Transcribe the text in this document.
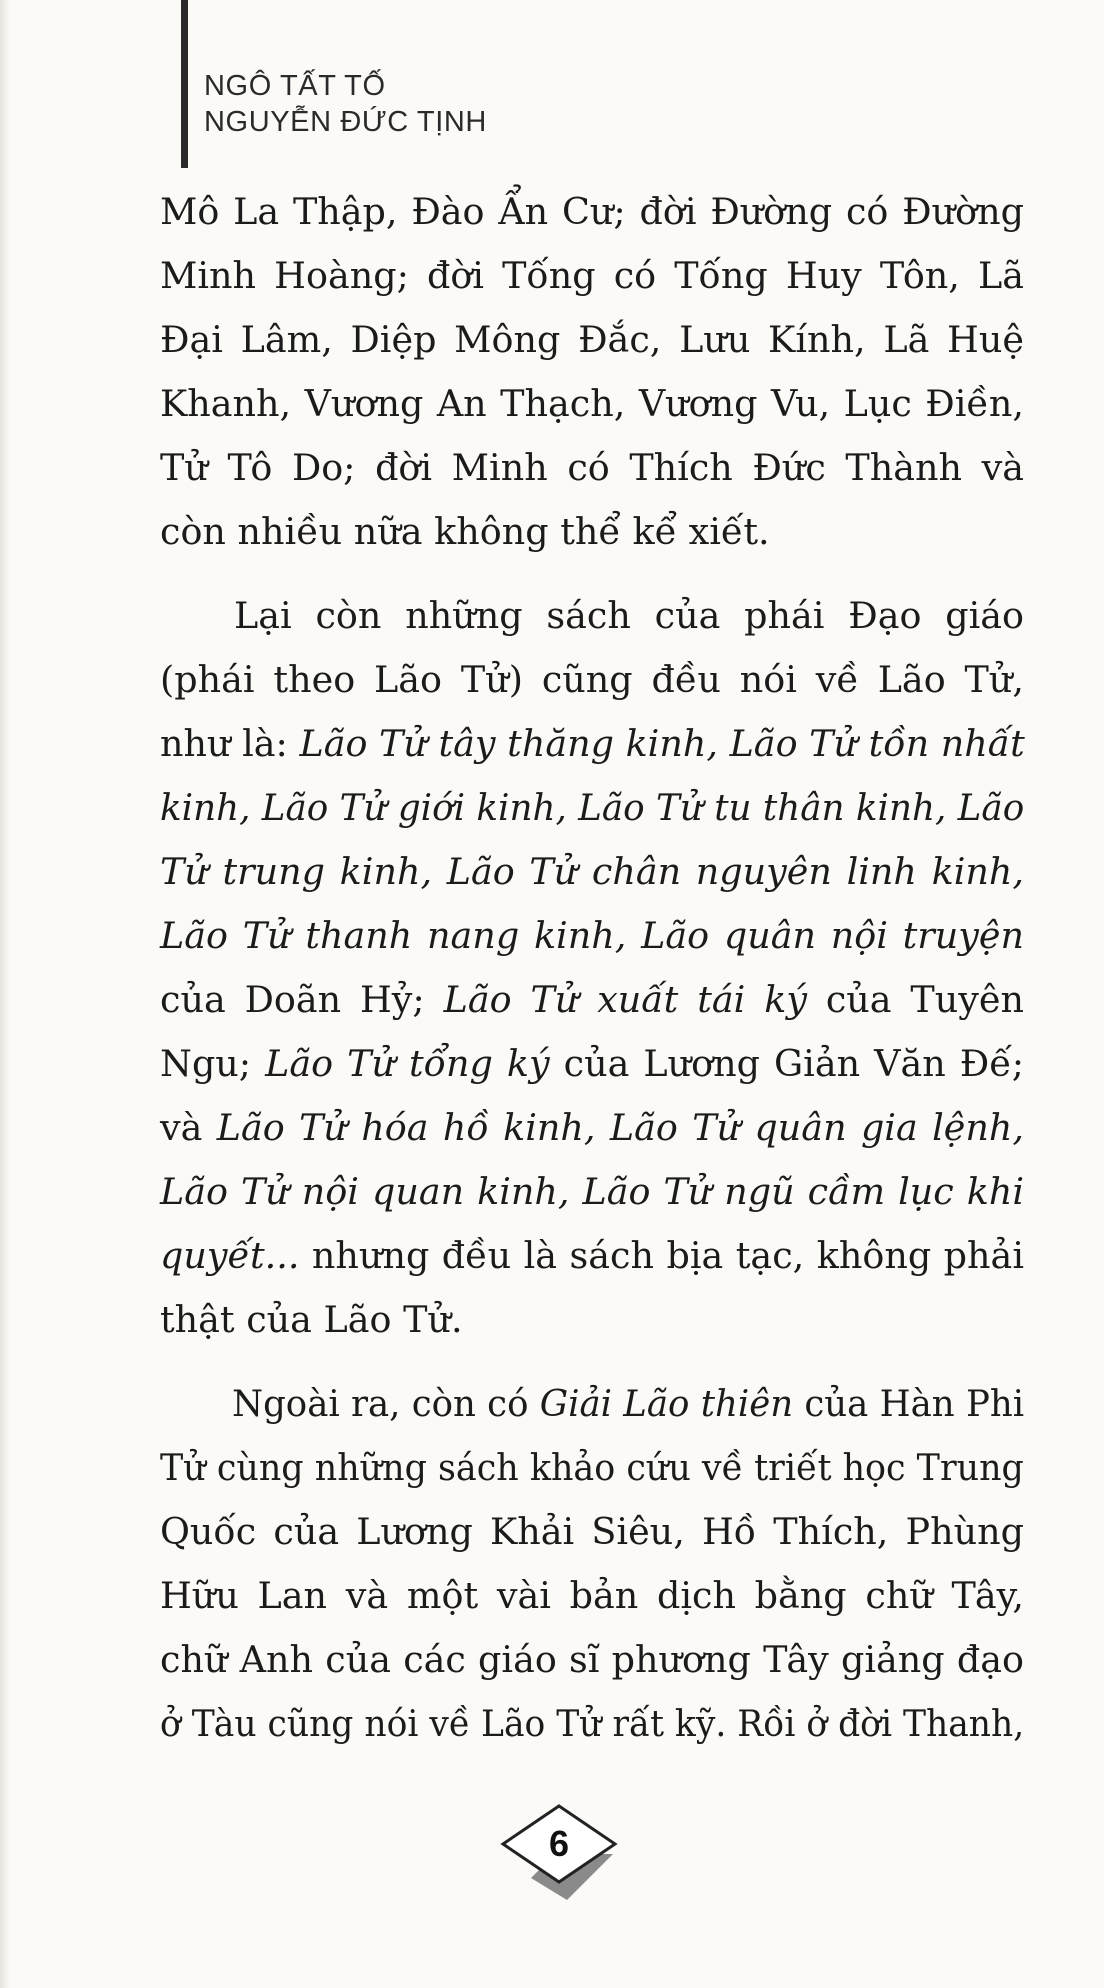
NGÔ TẤT TỐ
NGUYỄN ĐỨC TỊNH
Mô La Thập, Đào Ẩn Cư; đời Đường có Đường
Minh Hoàng; đời Tống có Tống Huy Tôn, Lã
Đại Lâm, Diệp Mông Đắc, Lưu Kính, Lã Huệ
Khanh, Vương An Thạch, Vương Vu, Lục Điền,
Tử Tô Do; đời Minh có Thích Đức Thành và
còn nhiều nữa không thể kể xiết.
Lại còn những sách của phái Đạo giáo
(phái theo Lão Tử) cũng đều nói về Lão Tử,
như là: Lão Tử tây thăng kinh, Lão Tử tồn nhất
kinh, Lão Tử giới kinh, Lão Tử tu thân kinh, Lão
Tử trung kinh, Lão Tử chân nguyên linh kinh,
Lão Tử thanh nang kinh, Lão quân nội truyện
của Doãn Hỷ; Lão Tử xuất tái ký của Tuyên
Ngu; Lão Tử tổng ký của Lương Giản Văn Đế;
và Lão Tử hóa hồ kinh, Lão Tử quân gia lệnh,
Lão Tử nội quan kinh, Lão Tử ngũ cầm lục khi
quyết... nhưng đều là sách bịa tạc, không phải
thật của Lão Tử.
Ngoài ra, còn có Giải Lão thiên của Hàn Phi
Tử cùng những sách khảo cứu về triết học Trung
Quốc của Lương Khải Siêu, Hồ Thích, Phùng
Hữu Lan và một vài bản dịch bằng chữ Tây,
chữ Anh của các giáo sĩ phương Tây giảng đạo
ở Tàu cũng nói về Lão Tử rất kỹ. Rồi ở đời Thanh,
6
